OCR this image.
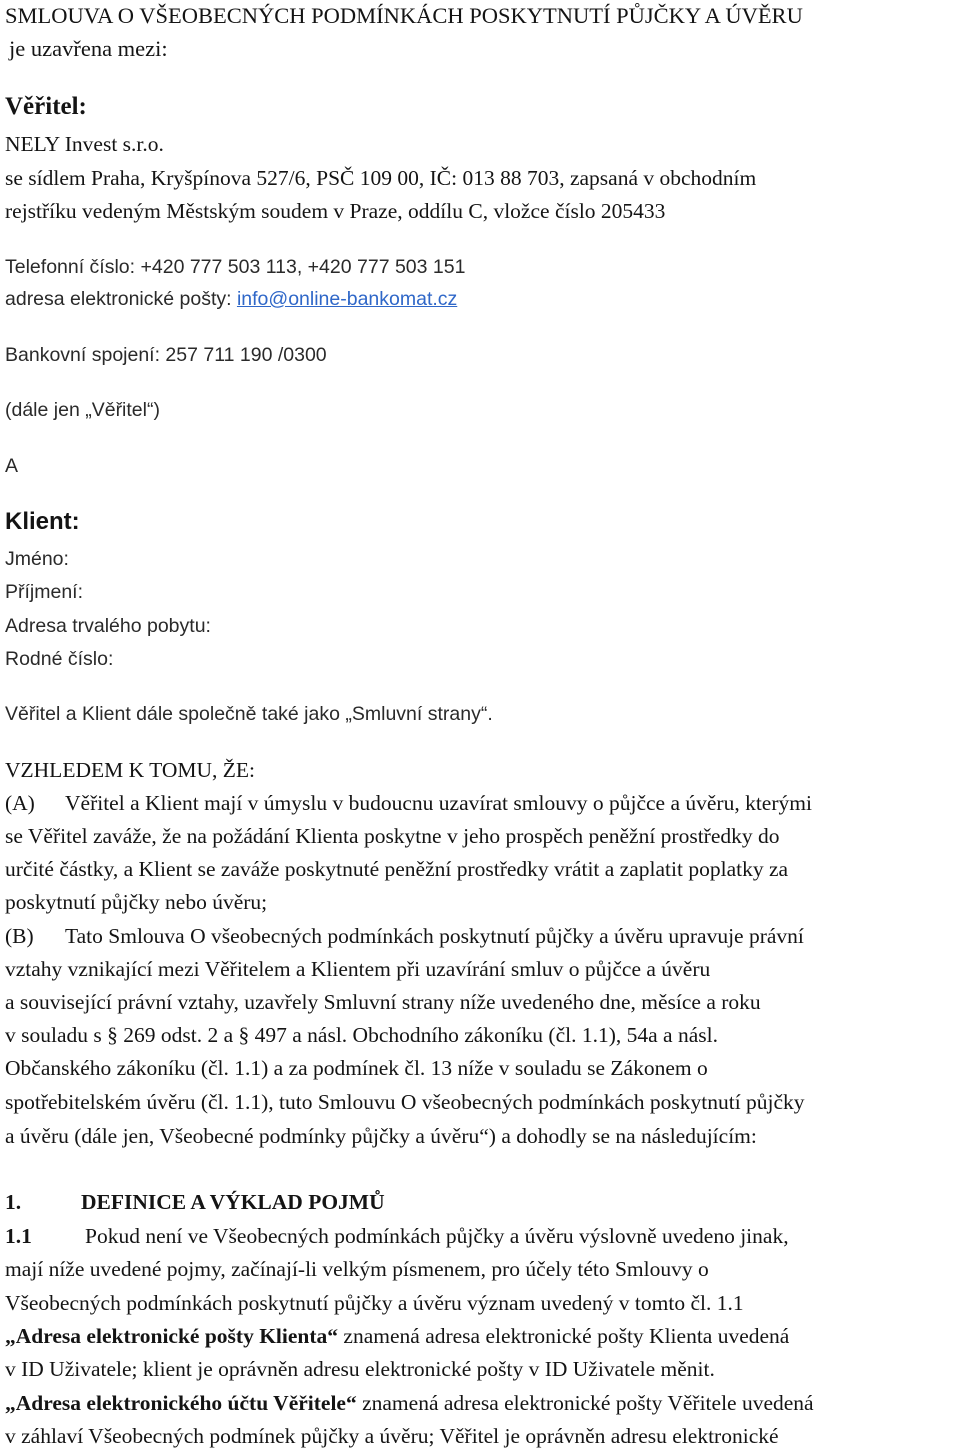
SMLOUVA O VŠEOBECNÝCH PODMÍNKÁCH POSKYTNUTÍ PŮJČKY A ÚVĚRU
je uzavřena mezi:
Věřitel:
NELY Invest s.r.o.
se sídlem Praha, Kryšpínova 527/6, PSČ 109 00, IČ: 013 88 703, zapsaná v obchodním
rejstříku vedeným Městským soudem v Praze, oddílu C, vložce číslo 205433
Telefonní číslo: +420 777 503 113, +420 777 503 151
adresa elektronické pošty: info@online-bankomat.cz
Bankovní spojení: 257 711 190 /0300
(dále jen „Věřitel“)
A
Klient:
Jméno:
Příjmení:
Adresa trvalého pobytu:
Rodné číslo:
Věřitel a Klient dále společně také jako „Smluvní strany“.
VZHLEDEM K TOMU, ŽE:
(A) Věřitel a Klient mají v úmyslu v budoucnu uzavírat smlouvy o půjčce a úvěru, kterými
se Věřitel zaváže, že na požádání Klienta poskytne v jeho prospěch peněžní prostředky do
určité částky, a Klient se zaváže poskytnuté peněžní prostředky vrátit a zaplatit poplatky za
poskytnutí půjčky nebo úvěru;
(B) Tato Smlouva O všeobecných podmínkách poskytnutí půjčky a úvěru upravuje právní
vztahy vznikající mezi Věřitelem a Klientem při uzavírání smluv o půjčce a úvěru
a související právní vztahy, uzavřely Smluvní strany níže uvedeného dne, měsíce a roku
v souladu s § 269 odst. 2 a § 497 a násl. Obchodního zákoníku (čl. 1.1), 54a a násl.
Občanského zákoníku (čl. 1.1) a za podmínek čl. 13 níže v souladu se Zákonem o
spotřebitelském úvěru (čl. 1.1), tuto Smlouvu O všeobecných podmínkách poskytnutí půjčky
a úvěru (dále jen, Všeobecné podmínky půjčky a úvěru“) a dohodly se na následujícím:
1.	DEFINICE A VÝKLAD POJMŮ
1.1 Pokud není ve Všeobecných podmínkách půjčky a úvěru výslovně uvedeno jinak,
mají níže uvedené pojmy, začínají-li velkým písmenem, pro účely této Smlouvy o
Všeobecných podmínkách poskytnutí půjčky a úvěru význam uvedený v tomto čl. 1.1
„Adresa elektronické pošty Klienta“ znamená adresa elektronické pošty Klienta uvedená
v ID Uživatele; klient je oprávněn adresu elektronické pošty v ID Uživatele měnit.
„Adresa elektronického účtu Věřitele“ znamená adresa elektronické pošty Věřitele uvedená
v záhlaví Všeobecných podmínek půjčky a úvěru; Věřitel je oprávněn adresu elektronické
